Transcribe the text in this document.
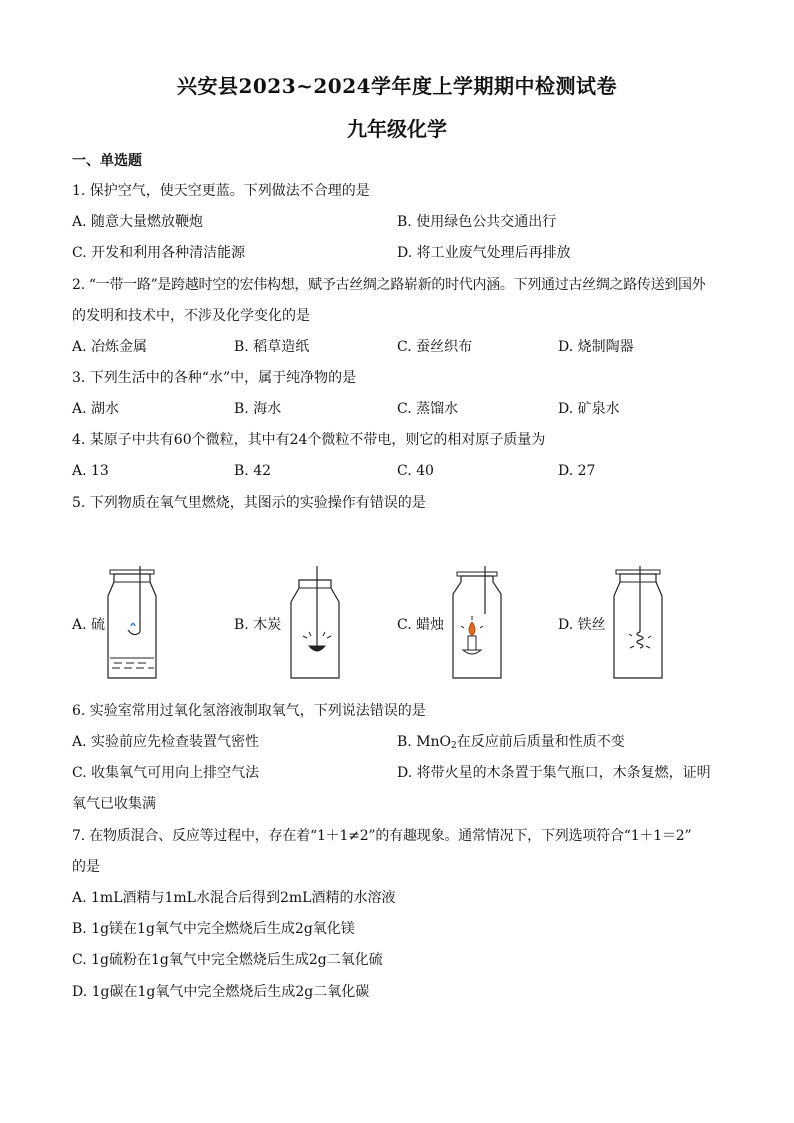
兴安县2023~2024学年度上学期期中检测试卷
九年级化学
一、单选题
1. 保护空气，使天空更蓝。下列做法不合理的是
A. 随意大量燃放鞭炮	B. 使用绿色公共交通出行
C. 开发和利用各种清洁能源	D. 将工业废气处理后再排放
2. “一带一路”是跨越时空的宏伟构想，赋予古丝绸之路崭新的时代内涵。下列通过古丝绸之路传送到国外
的发明和技术中，不涉及化学变化的是
A. 冶炼金属	B. 稻草造纸	C. 蚕丝织布	D. 烧制陶器
3. 下列生活中的各种“水”中，属于纯净物的是
A. 湖水	B. 海水	C. 蒸馏水	D. 矿泉水
4. 某原子中共有60个微粒，其中有24个微粒不带电，则它的相对原子质量为
A. 13	B. 42	C. 40	D. 27
5. 下列物质在氧气里燃烧，其图示的实验操作有错误的是
A. 硫	B. 木炭	C. 蜡烛	D. 铁丝
6. 实验室常用过氧化氢溶液制取氧气，下列说法错误的是
A. 实验前应先检查装置气密性	B. MnO$_2$在反应前后质量和性质不变
C. 收集氧气可用向上排空气法	D. 将带火星的木条置于集气瓶口，木条复燃，证明
氧气已收集满
7. 在物质混合、反应等过程中，存在着“1＋1≠2”的有趣现象。通常情况下，下列选项符合“1＋1＝2”
的是
A. 1mL酒精与1mL水混合后得到2mL酒精的水溶液
B. 1g镁在1g氧气中完全燃烧后生成2g氧化镁
C. 1g硫粉在1g氧气中完全燃烧后生成2g二氧化硫
D. 1g碳在1g氧气中完全燃烧后生成2g二氧化碳
